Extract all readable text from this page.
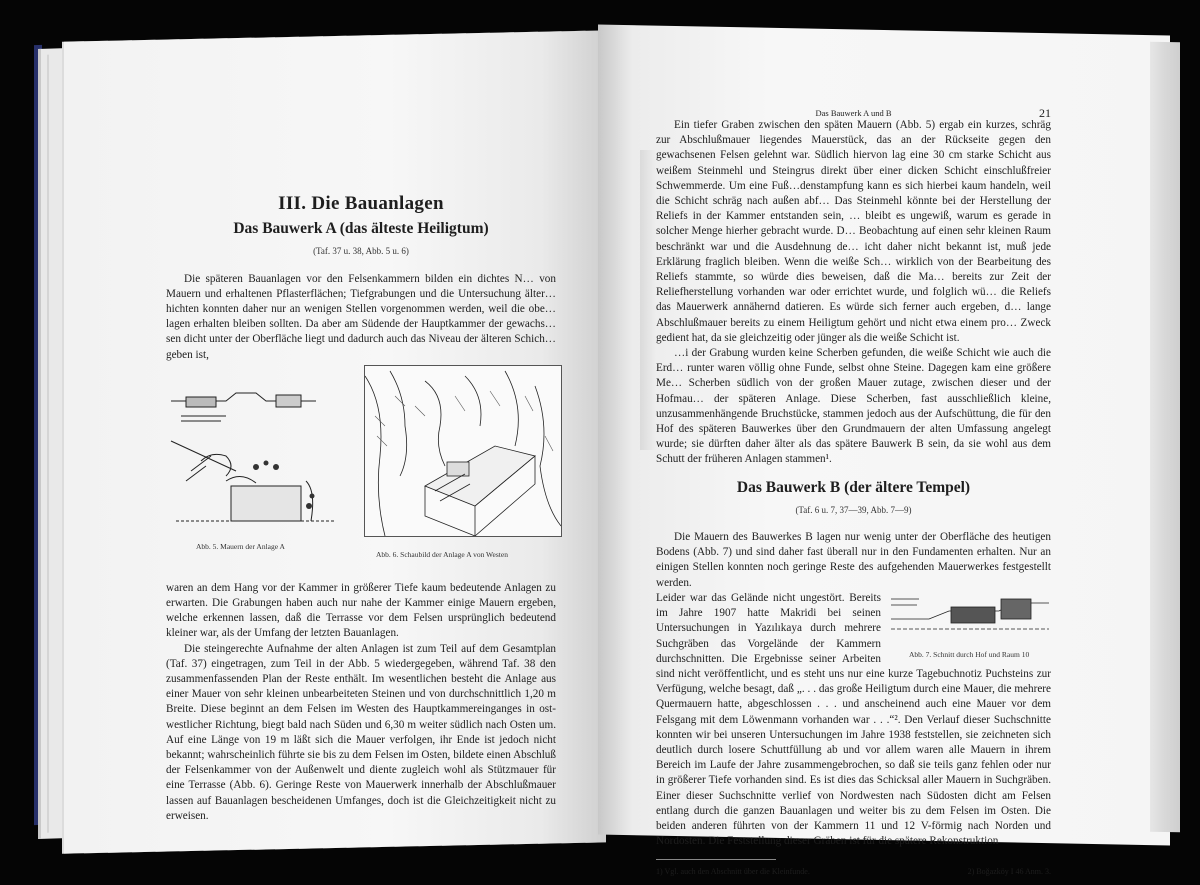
III. Die Bauanlagen
Das Bauwerk A (das älteste Heiligtum)
(Taf. 37 u. 38, Abb. 5 u. 6)

Die späteren Bauanlagen vor den Felsenkammern bilden ein dichtes N… von Mauern und erhaltenen Pflasterflächen; Tiefgrabungen und die Untersuchung älter… hichten konnten daher nur an wenigen Stellen vorgenommen werden, weil die obe… lagen erhalten bleiben sollten. Da aber am Südende der Hauptkammer der gewachs… sen dicht unter der Oberfläche liegt und dadurch auch das Niveau der älteren Schich… geben ist,

Abb. 5. Mauern der Anlage A
Abb. 6. Schaubild der Anlage A von Westen

waren an dem Hang vor der Kammer in größerer Tiefe kaum bedeutende Anlagen zu erwarten. Die Grabungen haben auch nur nahe der Kammer einige Mauern ergeben, welche erkennen lassen, daß die Terrasse vor dem Felsen ursprünglich bedeutend kleiner war, als der Umfang der letzten Bauanlagen.

Die steingerechte Aufnahme der alten Anlagen ist zum Teil auf dem Gesamtplan (Taf. 37) eingetragen, zum Teil in der Abb. 5 wiedergegeben, während Taf. 38 den zusammenfassenden Plan der Reste enthält. Im wesentlichen besteht die Anlage aus einer Mauer von sehr kleinen unbearbeiteten Steinen und von durchschnittlich 1,20 m Breite. Diese beginnt an dem Felsen im Westen des Hauptkammereinganges in ost-westlicher Richtung, biegt bald nach Süden und 6,30 m weiter südlich nach Osten um. Auf eine Länge von 19 m läßt sich die Mauer verfolgen, ihr Ende ist jedoch nicht bekannt; wahrscheinlich führte sie bis zu dem Felsen im Osten, bildete einen Abschluß der Felsenkammer von der Außenwelt und diente zugleich wohl als Stützmauer für eine Terrasse (Abb. 6). Geringe Reste von Mauerwerk innerhalb der Abschlußmauer lassen auf Bauanlagen bescheidenen Umfanges, doch ist die Gleichzeitigkeit nicht zu erweisen.

Das Bauwerk A und B	21

Ein tiefer Graben zwischen den späten Mauern (Abb. 5) ergab ein kurzes, schräg zur Abschlußmauer liegendes Mauerstück, das an der Rückseite gegen den gewachsenen Felsen gelehnt war. Südlich hiervon lag eine 30 cm starke Schicht aus weißem Steinmehl und Steingrus direkt über einer dicken Schicht einschlußfreier Schwemmerde. Um eine Fuß…denstampfung kann es sich hierbei kaum handeln, weil die Schicht schräg nach außen abf… Das Steinmehl könnte bei der Herstellung der Reliefs in der Kammer entstanden sein, … bleibt es ungewiß, warum es gerade in solcher Menge hierher gebracht wurde. D… Beobachtung auf einen sehr kleinen Raum beschränkt war und die Ausdehnung de… icht daher nicht bekannt ist, muß jede Erklärung fraglich bleiben. Wenn die weiße Sch… wirklich von der Bearbeitung des Reliefs stammte, so würde dies beweisen, daß die Ma… bereits zur Zeit der Reliefherstellung vorhanden war oder errichtet wurde, und folglich wü… die Reliefs das Mauerwerk annähernd datieren. Es würde sich ferner auch ergeben, d… lange Abschlußmauer bereits zu einem Heiligtum gehört und nicht etwa einem pro… Zweck gedient hat, da sie gleichzeitig oder jünger als die weiße Schicht ist.

…i der Grabung wurden keine Scherben gefunden, die weiße Schicht wie auch die Erd… runter waren völlig ohne Funde, selbst ohne Steine. Dagegen kam eine größere Me… Scherben südlich von der großen Mauer zutage, zwischen dieser und der Hofmau… der späteren Anlage. Diese Scherben, fast ausschließlich kleine, unzusammenhängende Bruchstücke, stammen jedoch aus der Aufschüttung, die für den Hof des späteren Bauwerkes über den Grundmauern der alten Umfassung angelegt wurde; sie dürften daher älter als das spätere Bauwerk B sein, da sie wohl aus dem Schutt der früheren Anlagen stammen¹.

Das Bauwerk B (der ältere Tempel)
(Taf. 6 u. 7, 37—39, Abb. 7—9)

Die Mauern des Bauwerkes B lagen nur wenig unter der Oberfläche des heutigen Bodens (Abb. 7) und sind daher fast überall nur in den Fundamenten erhalten. Nur an einigen Stellen konnten noch geringe Reste des aufgehenden Mauerwerkes festgestellt werden.

Abb. 7. Schnitt durch Hof und Raum 10

Leider war das Gelände nicht ungestört. Bereits im Jahre 1907 hatte Makridi bei seinen Untersuchungen in Yazılıkaya durch mehrere Suchgräben das Vorgelände der Kammern durchschnitten. Die Ergebnisse seiner Arbeiten sind nicht veröffentlicht, und es steht uns nur eine kurze Tagebuchnotiz Puchsteins zur Verfügung, welche besagt, daß „. . . das große Heiligtum durch eine Mauer, die mehrere Quermauern hatte, abgeschlossen . . . und anscheinend auch eine Mauer vor dem Felsgang mit dem Löwenmann vorhanden war . . .“². Den Verlauf dieser Suchschnitte konnten wir bei unseren Untersuchungen im Jahre 1938 feststellen, sie zeichneten sich deutlich durch losere Schuttfüllung ab und vor allem waren alle Mauern in ihrem Bereich im Laufe der Jahre zusammengebrochen, so daß sie teils ganz fehlen oder nur in größerer Tiefe vorhanden sind. Es ist dies das Schicksal aller Mauern in Suchgräben. Einer dieser Suchschnitte verlief von Nordwesten nach Südosten dicht am Felsen entlang durch die ganzen Bauanlagen und weiter bis zu dem Felsen im Osten. Die beiden anderen führten von der Kammern 11 und 12 V-förmig nach Norden und Nordosten. Die Feststellung dieser Gräben ist für die spätere Rekonstruktion

1) Vgl. auch den Abschnitt über die Kleinfunde.	2) Boğazköy I 46 Anm. 3.
